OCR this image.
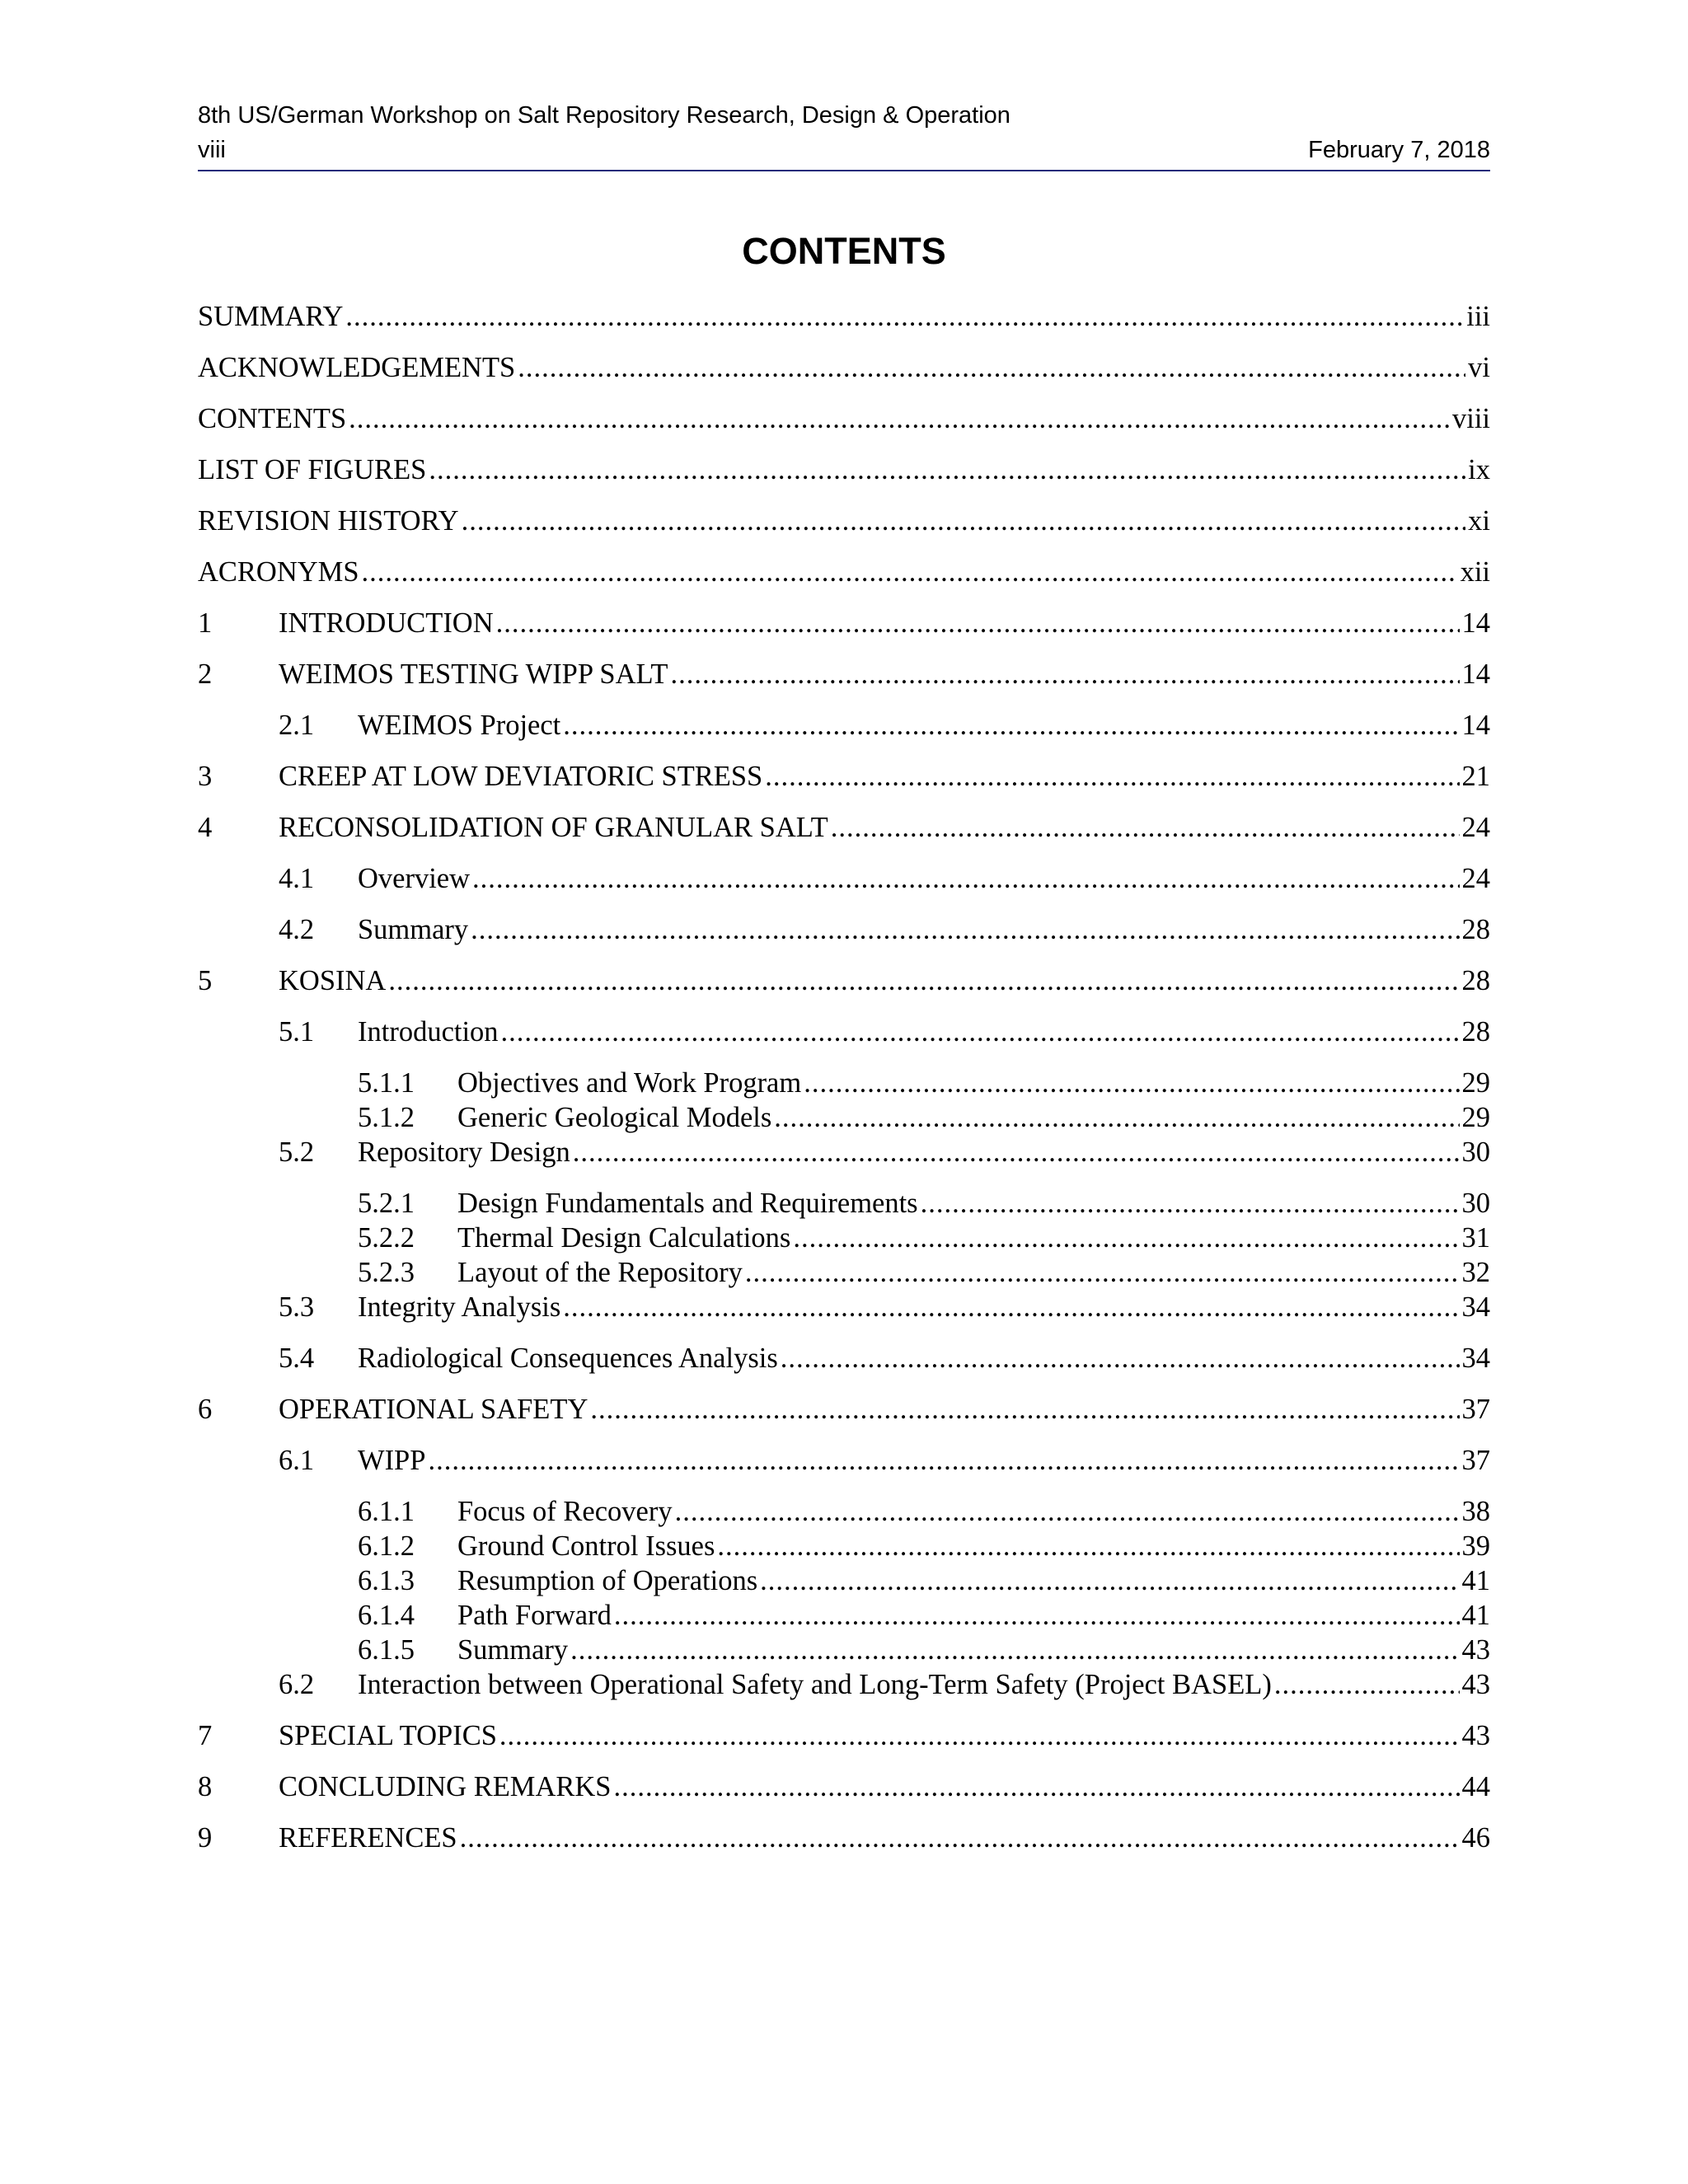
8th US/German Workshop on Salt Repository Research, Design & Operation
viii	February 7, 2018
CONTENTS
SUMMARY .....	iii
ACKNOWLEDGEMENTS .....	vi
CONTENTS .....	viii
LIST OF FIGURES .....	ix
REVISION HISTORY .....	xi
ACRONYMS .....	xii
1 INTRODUCTION .....	14
2 WEIMOS TESTING WIPP SALT .....	14
2.1 WEIMOS Project .....	14
3 CREEP AT LOW DEVIATORIC STRESS .....	21
4 RECONSOLIDATION OF GRANULAR SALT .....	24
4.1 Overview .....	24
4.2 Summary .....	28
5 KOSINA .....	28
5.1 Introduction .....	28
5.1.1 Objectives and Work Program .....	29
5.1.2 Generic Geological Models .....	29
5.2 Repository Design .....	30
5.2.1 Design Fundamentals and Requirements .....	30
5.2.2 Thermal Design Calculations .....	31
5.2.3 Layout of the Repository .....	32
5.3 Integrity Analysis .....	34
5.4 Radiological Consequences Analysis .....	34
6 OPERATIONAL SAFETY .....	37
6.1 WIPP .....	37
6.1.1 Focus of Recovery .....	38
6.1.2 Ground Control Issues .....	39
6.1.3 Resumption of Operations .....	41
6.1.4 Path Forward .....	41
6.1.5 Summary .....	43
6.2 Interaction between Operational Safety and Long-Term Safety (Project BASEL) .....	43
7 SPECIAL TOPICS .....	43
8 CONCLUDING REMARKS .....	44
9 REFERENCES .....	46
